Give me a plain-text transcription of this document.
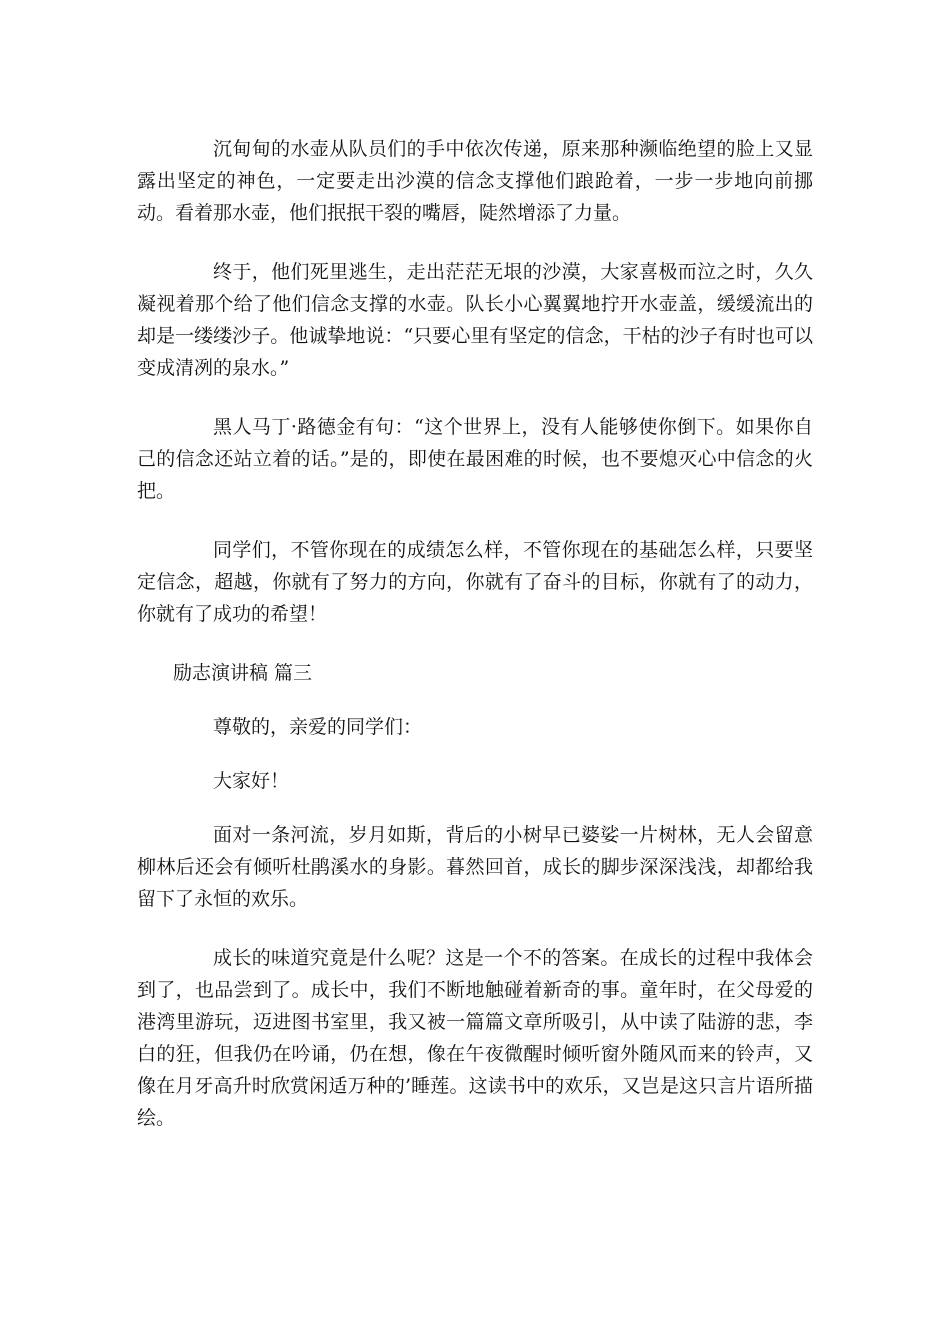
沉甸甸的水壶从队员们的手中依次传递，原来那种濒临绝望的脸上又显露出坚定的神色，一定要走出沙漠的信念支撑他们踉跄着，一步一步地向前挪动。看着那水壶，他们抿抿干裂的嘴唇，陡然增添了力量。

终于，他们死里逃生，走出茫茫无垠的沙漠，大家喜极而泣之时，久久凝视着那个给了他们信念支撑的水壶。队长小心翼翼地拧开水壶盖，缓缓流出的却是一缕缕沙子。他诚挚地说：“只要心里有坚定的信念，干枯的沙子有时也可以变成清冽的泉水。”

黑人马丁·路德金有句：“这个世界上，没有人能够使你倒下。如果你自己的信念还站立着的话。”是的，即使在最困难的时候，也不要熄灭心中信念的火把。

同学们，不管你现在的成绩怎么样，不管你现在的基础怎么样，只要坚定信念，超越，你就有了努力的方向，你就有了奋斗的目标，你就有了的动力，你就有了成功的希望！

励志演讲稿 篇三

尊敬的，亲爱的同学们：

大家好！

面对一条河流，岁月如斯，背后的小树早已婆娑一片树林，无人会留意柳林后还会有倾听杜鹃溪水的身影。暮然回首，成长的脚步深深浅浅，却都给我留下了永恒的欢乐。

成长的味道究竟是什么呢？这是一个不的答案。在成长的过程中我体会到了，也品尝到了。成长中，我们不断地触碰着新奇的事。童年时，在父母爱的港湾里游玩，迈进图书室里，我又被一篇篇文章所吸引，从中读了陆游的悲，李白的狂，但我仍在吟诵，仍在想，像在午夜微醒时倾听窗外随风而来的铃声，又像在月牙高升时欣赏闲适万种的’睡莲。这读书中的欢乐，又岂是这只言片语所描绘。
